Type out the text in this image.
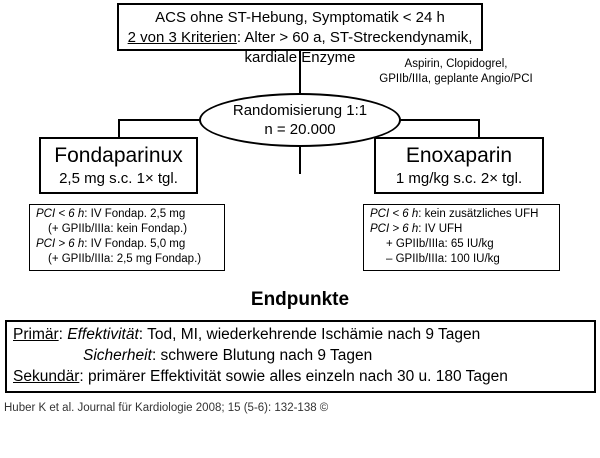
ACS ohne ST-Hebung, Symptomatik < 24 h
2 von 3 Kriterien: Alter > 60 a, ST-Streckendynamik, kardiale Enzyme	Aspirin, Clopidogrel,
GPIIb/IIIa, geplante Angio/PCI
Randomisierung 1:1
n = 20.000
Fondaparinux
2,5 mg s.c. 1× tgl.
Enoxaparin
1 mg/kg s.c. 2× tgl.
PCI < 6 h: IV Fondap. 2,5 mg
(+ GPIIb/IIIa: kein Fondap.)
PCI > 6 h: IV Fondap. 5,0 mg
(+ GPIIb/IIIa: 2,5 mg Fondap.)
PCI < 6 h: kein zusätzliches UFH
PCI > 6 h: IV UFH
+ GPIIb/IIIa: 65 IU/kg
– GPIIb/IIIa: 100 IU/kg
Endpunkte
Primär: Effektivität: Tod, MI, wiederkehrende Ischämie nach 9 Tagen
Sicherheit: schwere Blutung nach 9 Tagen
Sekundär: primärer Effektivität sowie alles einzeln nach 30 u. 180 Tagen
Huber K et al. Journal für Kardiologie 2008; 15 (5-6): 132-138 ©
